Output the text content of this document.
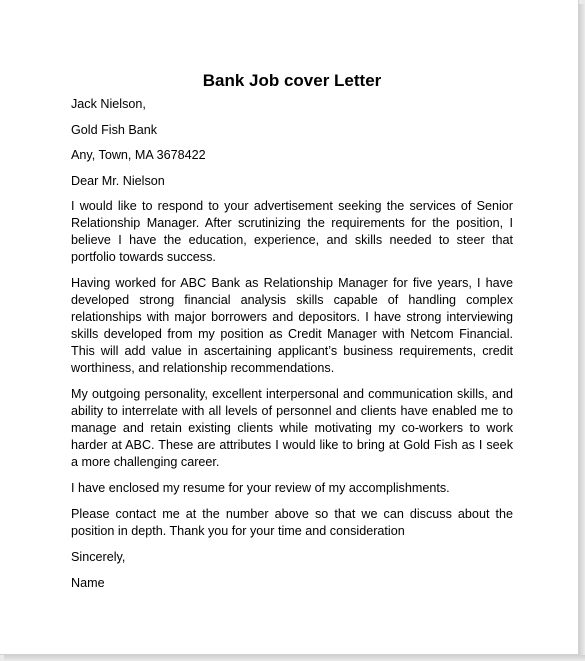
Bank Job cover Letter
Jack Nielson,
Gold Fish Bank
Any, Town, MA 3678422
Dear Mr. Nielson
I would like to respond to your advertisement seeking the services of Senior Relationship Manager. After scrutinizing the requirements for the position, I believe I have the education, experience, and skills needed to steer that portfolio towards success.
Having worked for ABC Bank as Relationship Manager for five years, I have developed strong financial analysis skills capable of handling complex relationships with major borrowers and depositors. I have strong interviewing skills developed from my position as Credit Manager with Netcom Financial. This will add value in ascertaining applicant’s business requirements, credit worthiness, and relationship recommendations.
My outgoing personality, excellent interpersonal and communication skills, and ability to interrelate with all levels of personnel and clients have enabled me to manage and retain existing clients while motivating my co-workers to work harder at ABC. These are attributes I would like to bring at Gold Fish as I seek a more challenging career.
I have enclosed my resume for your review of my accomplishments.
Please contact me at the number above so that we can discuss about the position in depth. Thank you for your time and consideration
Sincerely,
Name
